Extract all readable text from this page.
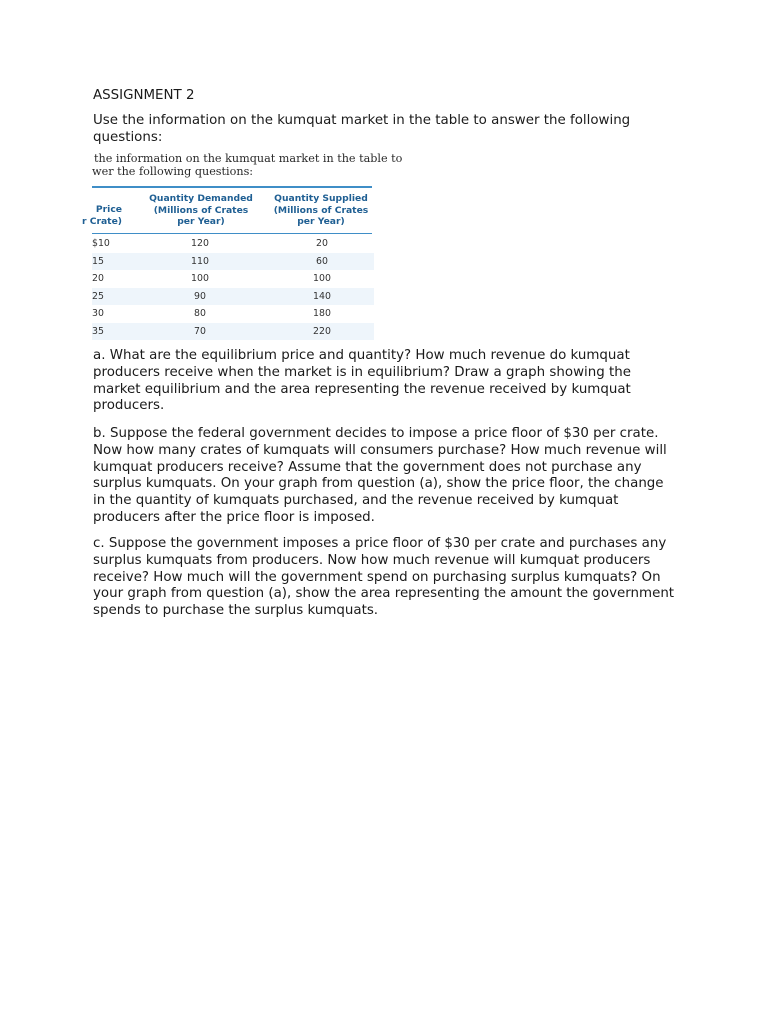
ASSIGNMENT 2

Use the information on the kumquat market in the table to answer the following questions:

the information on the kumquat market in the table to
wer the following questions:
Price
r Crate)
Quantity Demanded
(Millions of Crates
per Year)
Quantity Supplied
(Millions of Crates
per Year)
$10	120	20
15	110	60
20	100	100
25	90	140
30	80	180
35	70	220

a. What are the equilibrium price and quantity? How much revenue do kumquat producers receive when the market is in equilibrium? Draw a graph showing the market equilibrium and the area representing the revenue received by kumquat producers.

b. Suppose the federal government decides to impose a price floor of $30 per crate. Now how many crates of kumquats will consumers purchase? How much revenue will kumquat producers receive? Assume that the government does not purchase any surplus kumquats. On your graph from question (a), show the price floor, the change in the quantity of kumquats purchased, and the revenue received by kumquat producers after the price floor is imposed.

c. Suppose the government imposes a price floor of $30 per crate and purchases any surplus kumquats from producers. Now how much revenue will kumquat producers receive? How much will the government spend on purchasing surplus kumquats? On your graph from question (a), show the area representing the amount the government spends to purchase the surplus kumquats.
